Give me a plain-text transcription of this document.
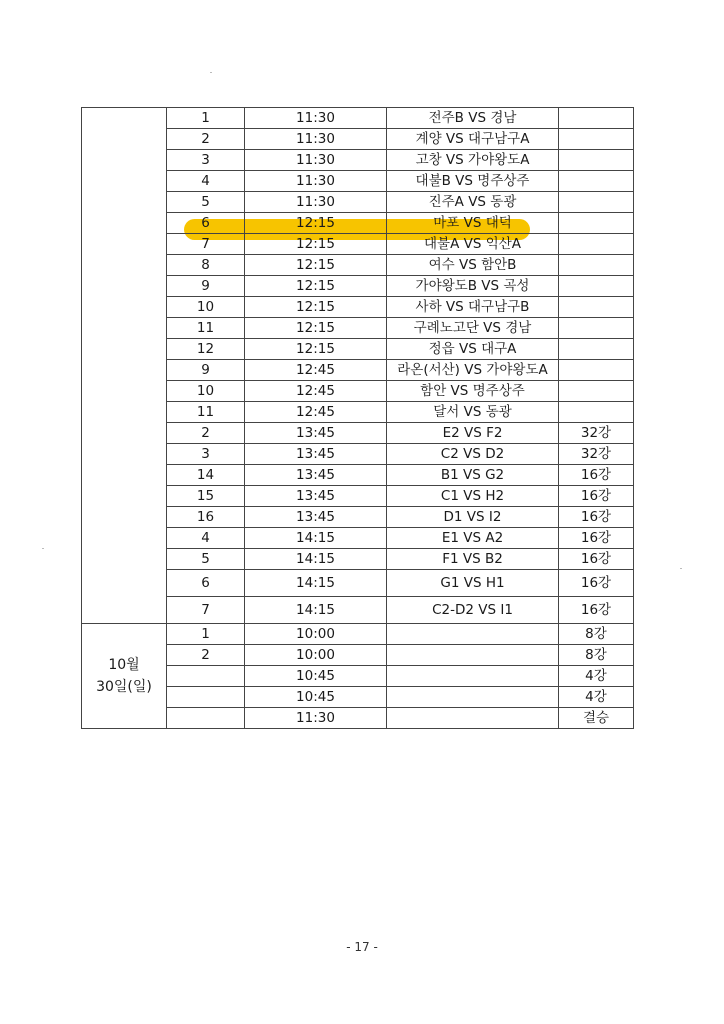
	1	11:30	전주B VS 경남	
	2	11:30	계양 VS 대구남구A	
	3	11:30	고창 VS 가야왕도A	
	4	11:30	대불B VS 명주상주	
	5	11:30	진주A VS 동광	
	6	12:15	마포 VS 대덕	
	7	12:15	대불A VS 익산A	
	8	12:15	여수 VS 함안B	
	9	12:15	가야왕도B VS 곡성	
	10	12:15	사하 VS 대구남구B	
	11	12:15	구례노고단 VS 경남	
	12	12:15	정읍 VS 대구A	
	9	12:45	라온(서산) VS 가야왕도A	
	10	12:45	함안 VS 명주상주	
	11	12:45	달서 VS 동광	
	2	13:45	E2 VS F2	32강
	3	13:45	C2 VS D2	32강
	14	13:45	B1 VS G2	16강
	15	13:45	C1 VS H2	16강
	16	13:45	D1 VS I2	16강
	4	14:15	E1 VS A2	16강
	5	14:15	F1 VS B2	16강
	6	14:15	G1 VS H1	16강
	7	14:15	C2-D2 VS I1	16강

10월
30일(일)	1	10:00		8강
	2	10:00		8강
		10:45		4강
		10:45		4강
		11:30		결승
- 17 -
